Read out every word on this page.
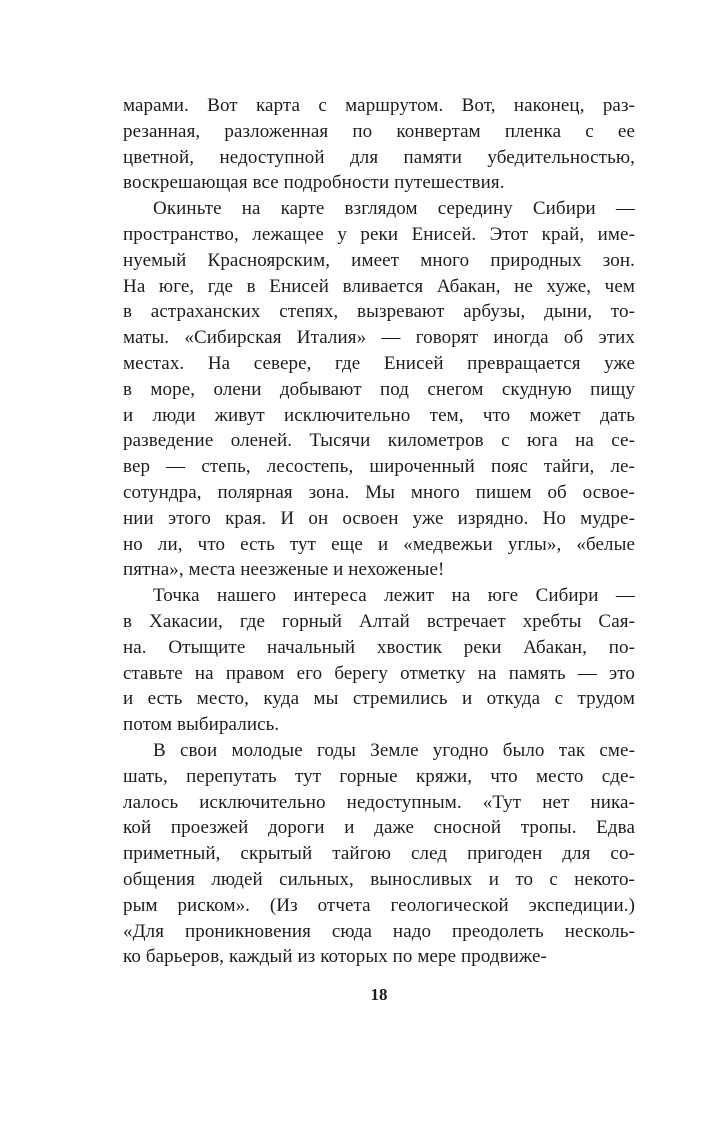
марами. Вот карта с маршрутом. Вот, наконец, раз-
резанная, разложенная по конвертам пленка с ее
цветной, недоступной для памяти убедительностью,
воскрешающая все подробности путешествия.
Окиньте на карте взглядом середину Сибири —
пространство, лежащее у реки Енисей. Этот край, име-
нуемый Красноярским, имеет много природных зон.
На юге, где в Енисей вливается Абакан, не хуже, чем
в астраханских степях, вызревают арбузы, дыни, то-
маты. «Сибирская Италия» — говорят иногда об этих
местах. На севере, где Енисей превращается уже
в море, олени добывают под снегом скудную пищу
и люди живут исключительно тем, что может дать
разведение оленей. Тысячи километров с юга на се-
вер — степь, лесостепь, широченный пояс тайги, ле-
сотундра, полярная зона. Мы много пишем об освое-
нии этого края. И он освоен уже изрядно. Но мудре-
но ли, что есть тут еще и «медвежьи углы», «белые
пятна», места неезженые и нехоженые!
Точка нашего интереса лежит на юге Сибири —
в Хакасии, где горный Алтай встречает хребты Сая-
на. Отыщите начальный хвостик реки Абакан, по-
ставьте на правом его берегу отметку на память — это
и есть место, куда мы стремились и откуда с трудом
потом выбирались.
В свои молодые годы Земле угодно было так сме-
шать, перепутать тут горные кряжи, что место сде-
лалось исключительно недоступным. «Тут нет ника-
кой проезжей дороги и даже сносной тропы. Едва
приметный, скрытый тайгою след пригоден для со-
общения людей сильных, выносливых и то с некото-
рым риском». (Из отчета геологической экспедиции.)
«Для проникновения сюда надо преодолеть несколь-
ко барьеров, каждый из которых по мере продвиже-
18
